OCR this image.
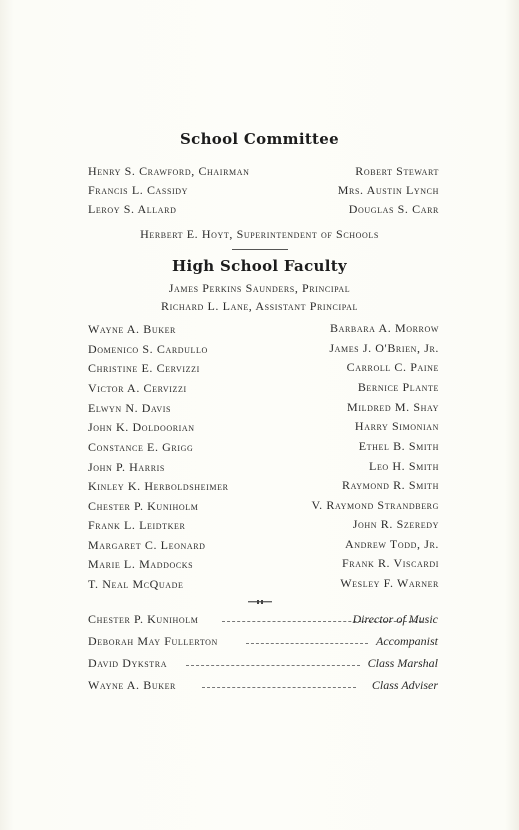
School Committee
Henry S. Crawford, Chairman
Francis L. Cassidy
Leroy S. Allard
Robert Stewart
Mrs. Austin Lynch
Douglas S. Carr
Herbert E. Hoyt, Superintendent of Schools
High School Faculty
James Perkins Saunders, Principal
Richard L. Lane, Assistant Principal
Wayne A. Buker
Domenico S. Cardullo
Christine E. Cervizzi
Victor A. Cervizzi
Elwyn N. Davis
John K. Doldoorian
Constance E. Grigg
John P. Harris
Kinley K. Herboldsheimer
Chester P. Kuniholm
Frank L. Leidtker
Margaret C. Leonard
Marie L. Maddocks
T. Neal McQuade
Barbara A. Morrow
James J. O'Brien, Jr.
Carroll C. Paine
Bernice Plante
Mildred M. Shay
Harry Simonian
Ethel B. Smith
Leo H. Smith
Raymond R. Smith
V. Raymond Strandberg
John R. Szeredy
Andrew Todd, Jr.
Frank R. Viscardi
Wesley F. Warner
Chester P. Kuniholm	Director of Music
Deborah May Fullerton	Accompanist
David Dykstra	Class Marshal
Wayne A. Buker	Class Adviser
